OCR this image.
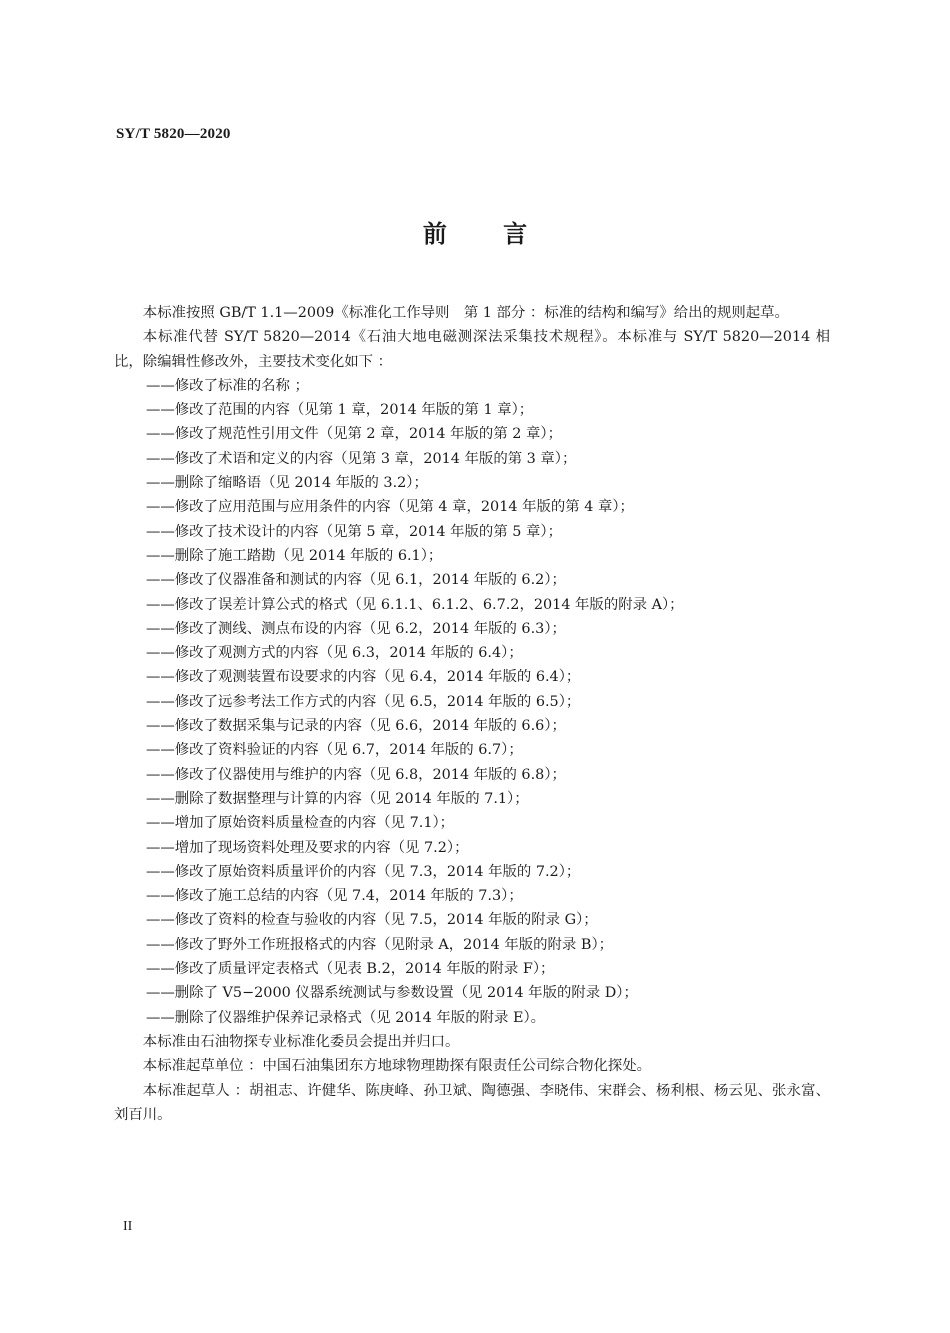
SY/T 5820—2020
前 言

本标准按照 GB/T 1.1—2009《标准化工作导则　第 1 部分 ：标准的结构和编写》给出的规则起草。

本标准代替 SY/T 5820—2014《石油大地电磁测深法采集技术规程》。本标准与 SY/T 5820—2014 相比，除编辑性修改外，主要技术变化如下 ：

——修改了标准的名称 ；

——修改了范围的内容（见第 1 章，2014 年版的第 1 章）；

——修改了规范性引用文件（见第 2 章，2014 年版的第 2 章）；

——修改了术语和定义的内容（见第 3 章，2014 年版的第 3 章）；

——删除了缩略语（见 2014 年版的 3.2）；

——修改了应用范围与应用条件的内容（见第 4 章，2014 年版的第 4 章）；

——修改了技术设计的内容（见第 5 章，2014 年版的第 5 章）；

——删除了施工踏勘（见 2014 年版的 6.1）；

——修改了仪器准备和测试的内容（见 6.1，2014 年版的 6.2）；

——修改了误差计算公式的格式（见 6.1.1、6.1.2、6.7.2，2014 年版的附录 A）；

——修改了测线、测点布设的内容（见 6.2，2014 年版的 6.3）；

——修改了观测方式的内容（见 6.3，2014 年版的 6.4）；

——修改了观测装置布设要求的内容（见 6.4，2014 年版的 6.4）；

——修改了远参考法工作方式的内容（见 6.5，2014 年版的 6.5）；

——修改了数据采集与记录的内容（见 6.6，2014 年版的 6.6）；

——修改了资料验证的内容（见 6.7，2014 年版的 6.7）；

——修改了仪器使用与维护的内容（见 6.8，2014 年版的 6.8）；

——删除了数据整理与计算的内容（见 2014 年版的 7.1）；

——增加了原始资料质量检查的内容（见 7.1）；

——增加了现场资料处理及要求的内容（见 7.2）；

——修改了原始资料质量评价的内容（见 7.3，2014 年版的 7.2）；

——修改了施工总结的内容（见 7.4，2014 年版的 7.3）；

——修改了资料的检查与验收的内容（见 7.5，2014 年版的附录 G）；

——修改了野外工作班报格式的内容（见附录 A，2014 年版的附录 B）；

——修改了质量评定表格式（见表 B.2，2014 年版的附录 F）；

——删除了 V5−2000 仪器系统测试与参数设置（见 2014 年版的附录 D）；

——删除了仪器维护保养记录格式（见 2014 年版的附录 E）。

本标准由石油物探专业标准化委员会提出并归口。

本标准起草单位 ：中国石油集团东方地球物理勘探有限责任公司综合物化探处。

本标准起草人 ：胡祖志、许健华、陈庚峰、孙卫斌、陶德强、李晓伟、宋群会、杨利根、杨云见、张永富、刘百川。

II
